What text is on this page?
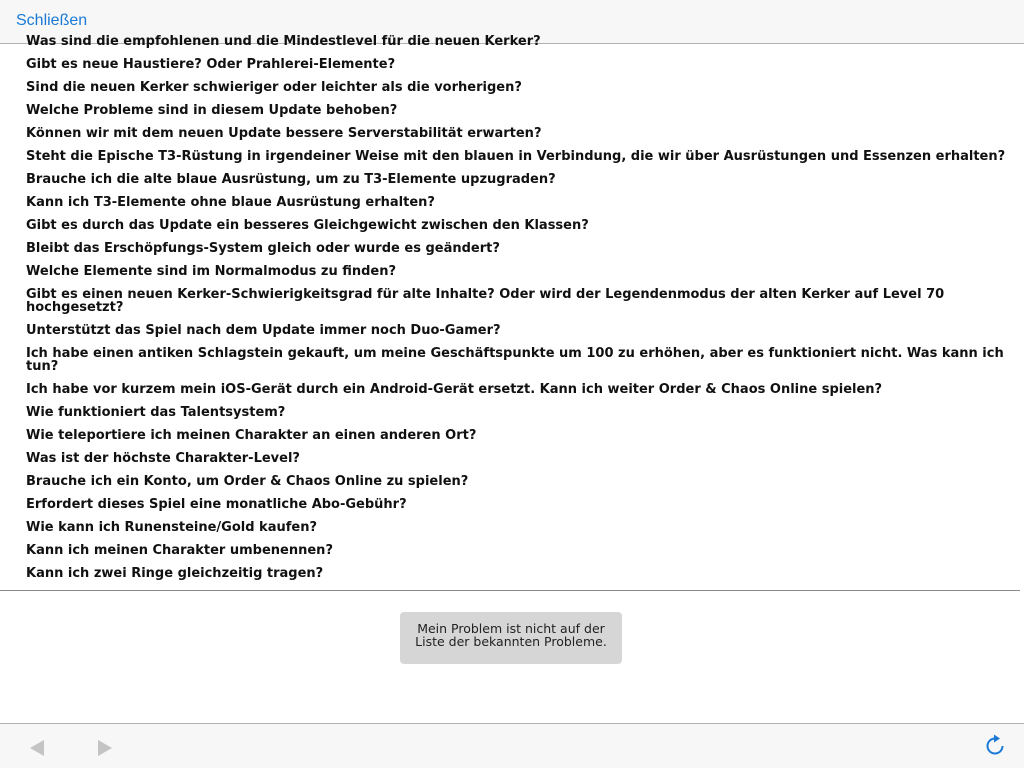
Schließen
Was sind die empfohlenen und die Mindestlevel für die neuen Kerker?
Gibt es neue Haustiere? Oder Prahlerei-Elemente?
Sind die neuen Kerker schwieriger oder leichter als die vorherigen?
Welche Probleme sind in diesem Update behoben?
Können wir mit dem neuen Update bessere Serverstabilität erwarten?
Steht die Epische T3-Rüstung in irgendeiner Weise mit den blauen in Verbindung, die wir über Ausrüstungen und Essenzen erhalten?
Brauche ich die alte blaue Ausrüstung, um zu T3-Elemente upzugraden?
Kann ich T3-Elemente ohne blaue Ausrüstung erhalten?
Gibt es durch das Update ein besseres Gleichgewicht zwischen den Klassen?
Bleibt das Erschöpfungs-System gleich oder wurde es geändert?
Welche Elemente sind im Normalmodus zu finden?
Gibt es einen neuen Kerker-Schwierigkeitsgrad für alte Inhalte? Oder wird der Legendenmodus der alten Kerker auf Level 70 hochgesetzt?
Unterstützt das Spiel nach dem Update immer noch Duo-Gamer?
Ich habe einen antiken Schlagstein gekauft, um meine Geschäftspunkte um 100 zu erhöhen, aber es funktioniert nicht. Was kann ich tun?
Ich habe vor kurzem mein iOS-Gerät durch ein Android-Gerät ersetzt. Kann ich weiter Order & Chaos Online spielen?
Wie funktioniert das Talentsystem?
Wie teleportiere ich meinen Charakter an einen anderen Ort?
Was ist der höchste Charakter-Level?
Brauche ich ein Konto, um Order & Chaos Online zu spielen?
Erfordert dieses Spiel eine monatliche Abo-Gebühr?
Wie kann ich Runensteine/Gold kaufen?
Kann ich meinen Charakter umbenennen?
Kann ich zwei Ringe gleichzeitig tragen?
Mein Problem ist nicht auf der Liste der bekannten Probleme.
